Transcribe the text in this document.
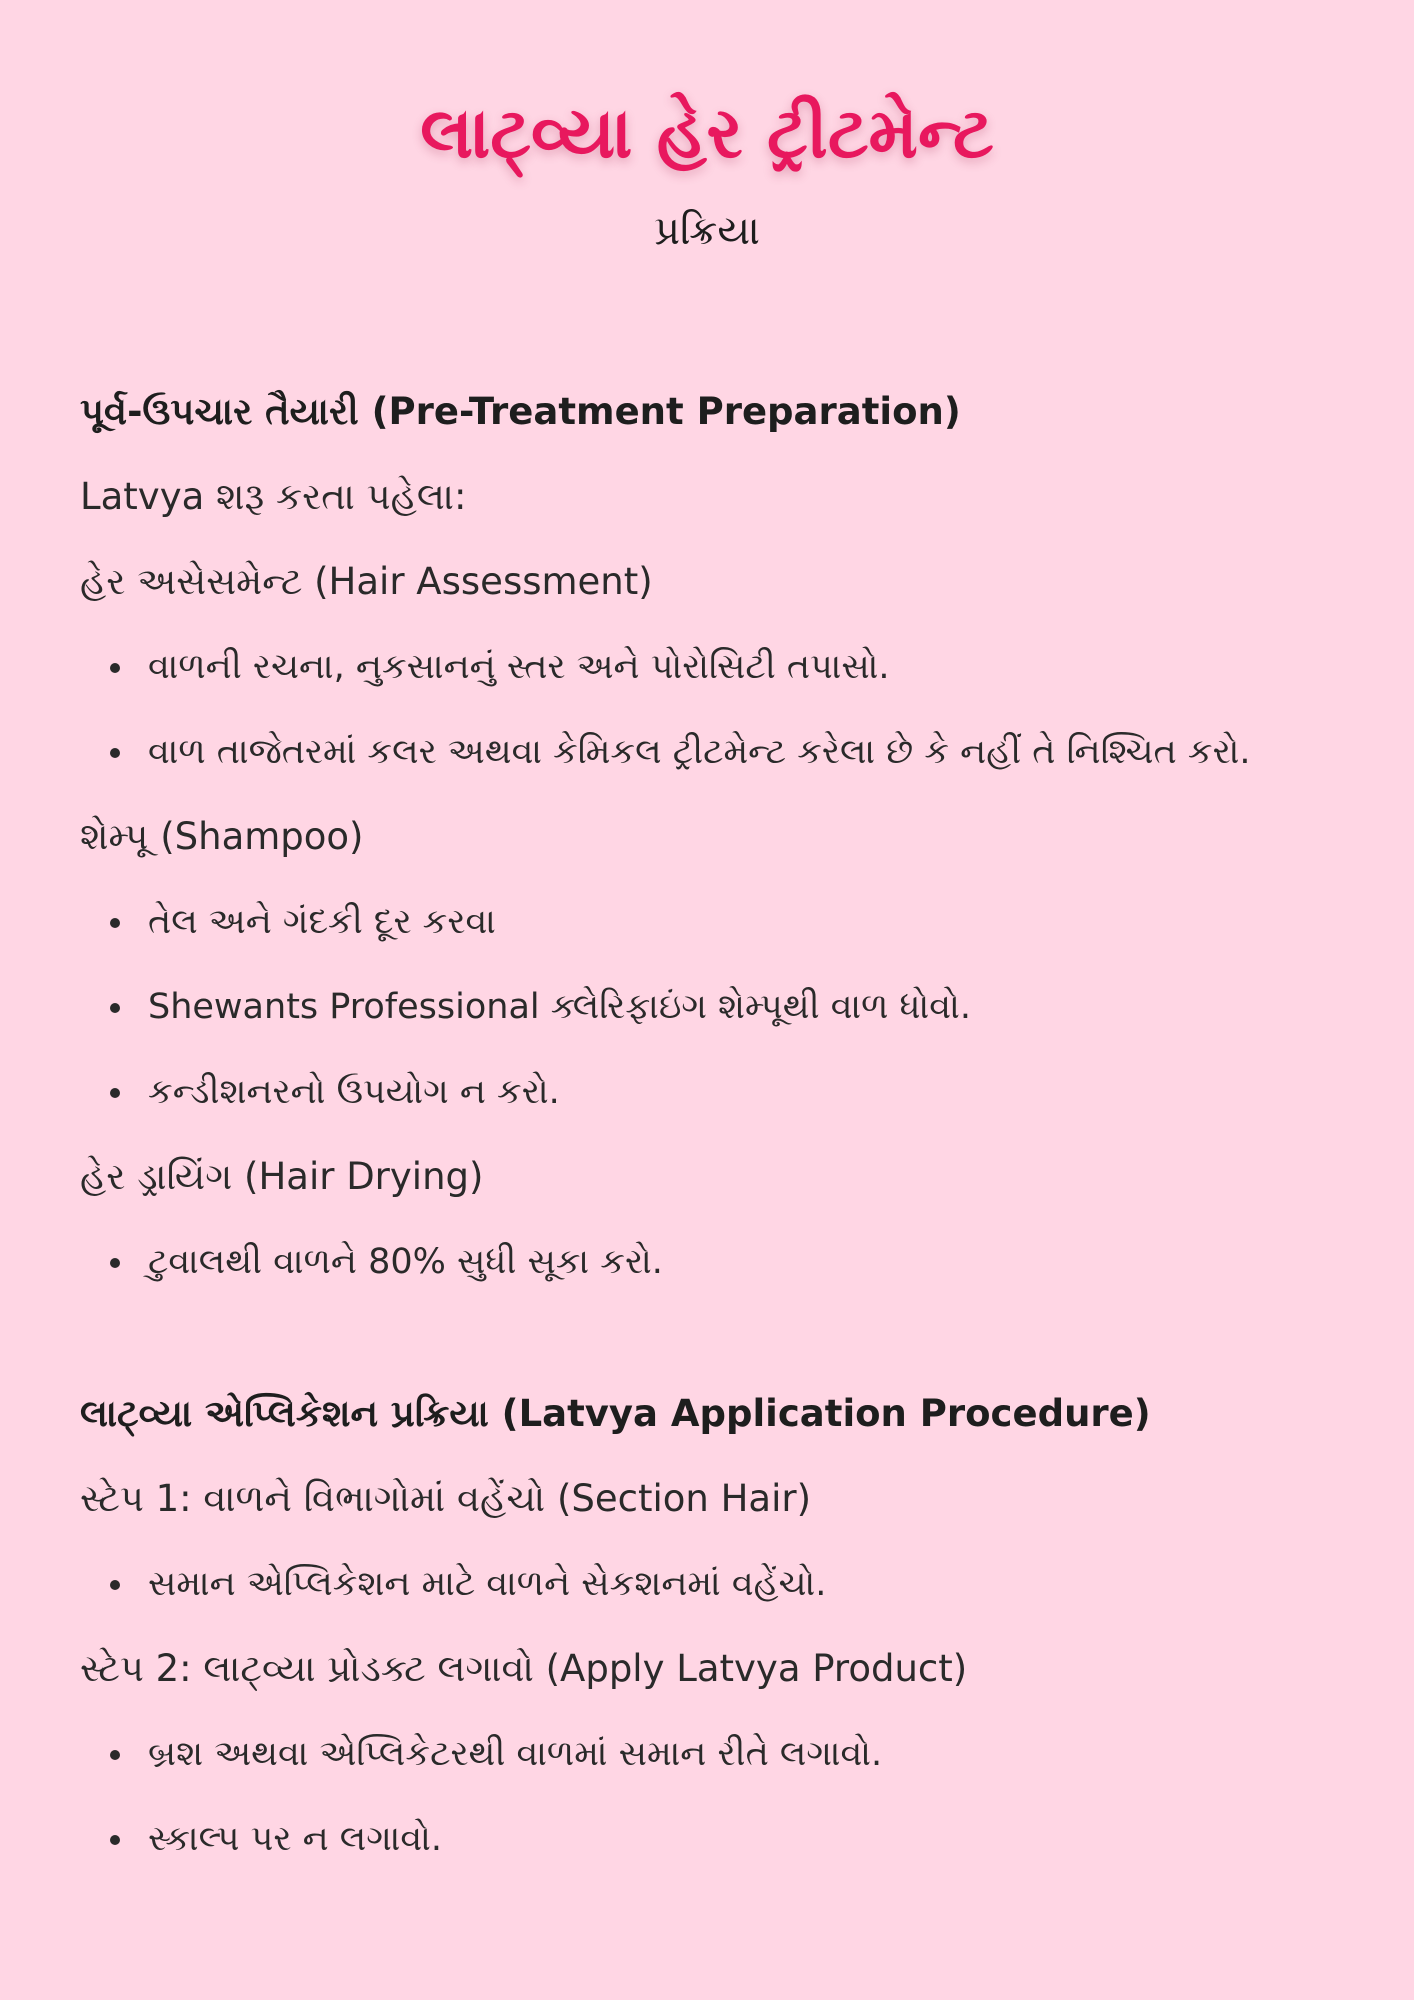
લાટ્વ્યા હેર ટ્રીટમેન્ટ
પ્રક્રિયા
પૂર્વ-ઉપચાર તૈયારી (Pre-Treatment Preparation)

Latvya શરૂ કરતા પહેલા:

હેર અસેસમેન્ટ (Hair Assessment)

વાળની રચના, નુકસાનનું સ્તર અને પોરોસિટી તપાસો.
વાળ તાજેતરમાં કલર અથવા કેમિકલ ટ્રીટમેન્ટ કરેલા છે કે નહીં તે નિશ્ચિત કરો.

શેમ્પૂ (Shampoo)

તેલ અને ગંદકી દૂર કરવા
Shewants Professional ક્લેરિફાઇંગ શેમ્પૂથી વાળ ધોવો.
કન્ડીશનરનો ઉપયોગ ન કરો.

હેર ડ્રાયિંગ (Hair Drying)

ટુવાલથી વાળને 80% સુધી સૂકા કરો.
લાટ્વ્યા એપ્લિકેશન પ્રક્રિયા (Latvya Application Procedure)

સ્ટેપ 1: વાળને વિભાગોમાં વહેંચો (Section Hair)

સમાન એપ્લિકેશન માટે વાળને સેકશનમાં વહેંચો.

સ્ટેપ 2: લાટ્વ્યા પ્રોડક્ટ લગાવો (Apply Latvya Product)

બ્રશ અથવા એપ્લિકેટરથી વાળમાં સમાન રીતે લગાવો.
સ્કાલ્પ પર ન લગાવો.
